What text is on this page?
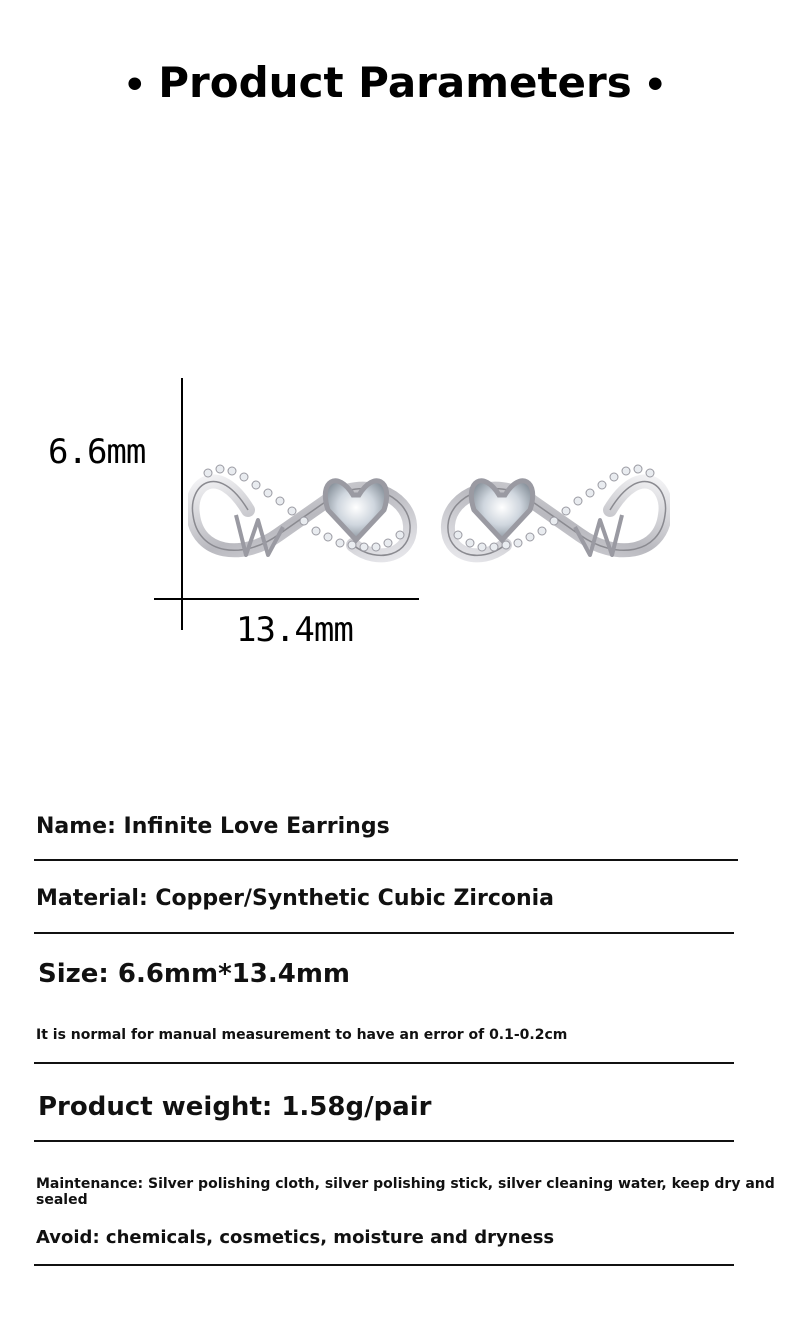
• Product Parameters •
6.6mm
13.4mm
Name: Infinite Love Earrings
Material: Copper/Synthetic Cubic Zirconia
Size: 6.6mm*13.4mm
It is normal for manual measurement to have an error of 0.1-0.2cm
Product weight: 1.58g/pair
Maintenance: Silver polishing cloth, silver polishing stick, silver cleaning water, keep dry and sealed
Avoid: chemicals, cosmetics, moisture and dryness
